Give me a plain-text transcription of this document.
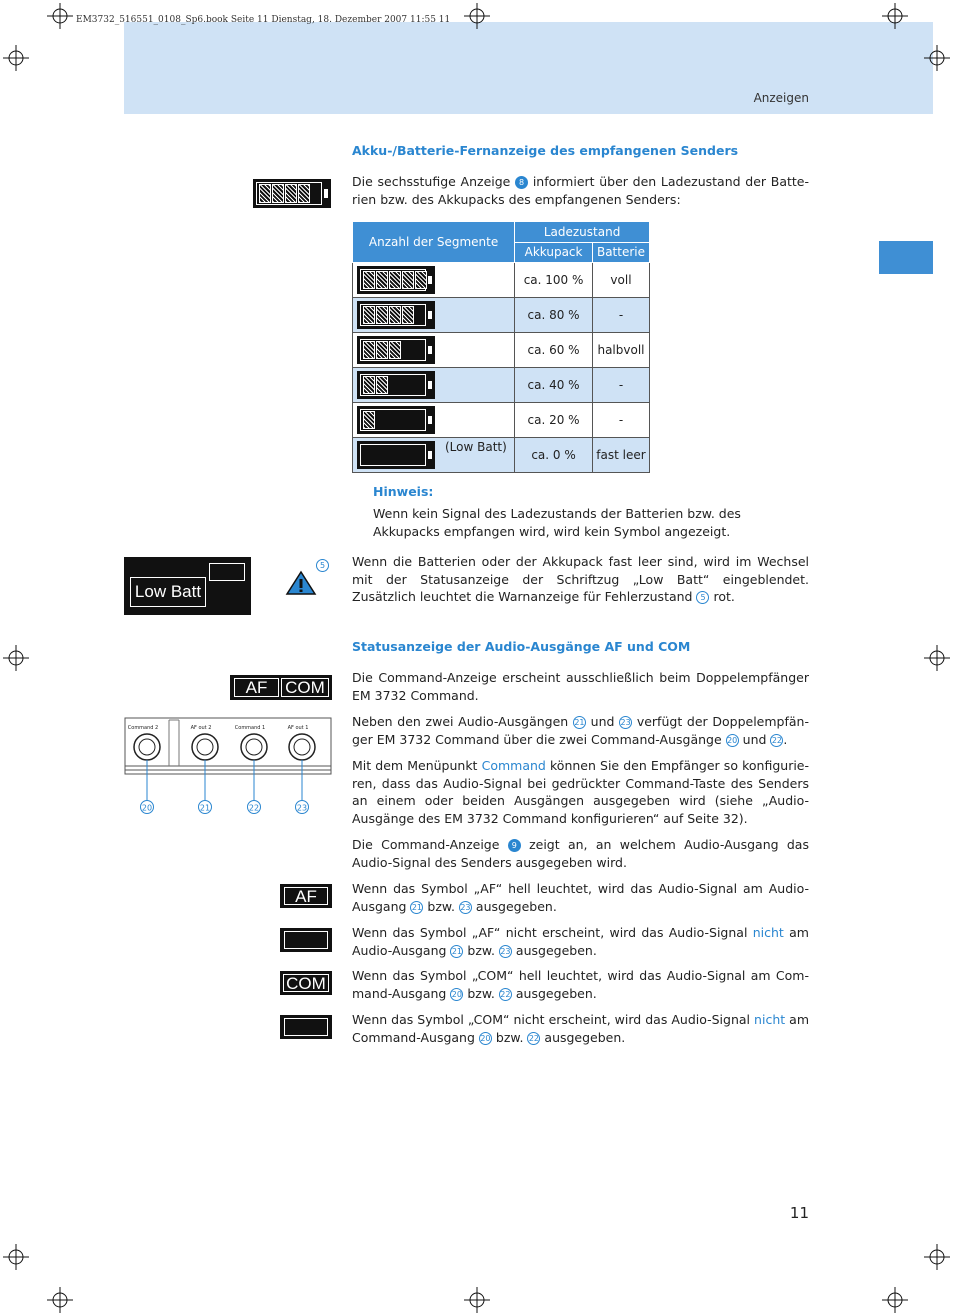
EM3732_516551_0108_Sp6.book Seite 11 Dienstag, 18. Dezember 2007 11:55 11
Anzeigen
Akku-/Batterie-Fernanzeige des empfangenen Senders
Die sechsstufige Anzeige 8 informiert über den Ladezustand der Batte-rien bzw. des Akkupacks des empfangenen Senders:
Anzahl der Segmente	Ladezustand	
	Akkupack	Batterie

	ca. 100 %	voll

	ca. 80 %	-

	ca. 60 %	halbvoll

	ca. 40 %	-

	ca. 20 %	-

(Low Batt)	ca. 0 %	fast leer
Hinweis:
Wenn kein Signal des Ladezustands der Batterien bzw. des Akkupacks empfangen wird, wird kein Symbol angezeigt.
Low Batt
5	Wenn die Batterien oder der Akkupack fast leer sind, wird im Wechsel mit der Statusanzeige der Schriftzug „Low Batt“ eingeblendet. Zusätzlich leuchtet die Warnanzeige für Fehlerzustand 5 rot.
Statusanzeige der Audio-Ausgänge AF und COM
AF	COM
Command 2	AF out 2	Command 1	AF out 1
20	21	22	23
Die Command-Anzeige erscheint ausschließlich beim Doppelempfänger EM 3732 Command.
Neben den zwei Audio-Ausgängen 21 und 23 verfügt der Doppelempfän-ger EM 3732 Command über die zwei Command-Ausgänge 20 und 22.
Mit dem Menüpunkt Command können Sie den Empfänger so konfigurie-ren, dass das Audio-Signal bei gedrückter Command-Taste des Senders an einem oder beiden Ausgängen ausgegeben wird (siehe „Audio-Ausgänge des EM 3732 Command konfigurieren“ auf Seite 32).
Die Command-Anzeige 9 zeigt an, an welchem Audio-Ausgang das Audio-Signal des Senders ausgegeben wird.
AF
COM
Wenn das Symbol „AF“ hell leuchtet, wird das Audio-Signal am Audio-Ausgang 21 bzw. 23 ausgegeben.
Wenn das Symbol „AF“ nicht erscheint, wird das Audio-Signal nicht am Audio-Ausgang 21 bzw. 23 ausgegeben.
Wenn das Symbol „COM“ hell leuchtet, wird das Audio-Signal am Com-mand-Ausgang 20 bzw. 22 ausgegeben.
Wenn das Symbol „COM“ nicht erscheint, wird das Audio-Signal nicht am Command-Ausgang 20 bzw. 22 ausgegeben.
11
